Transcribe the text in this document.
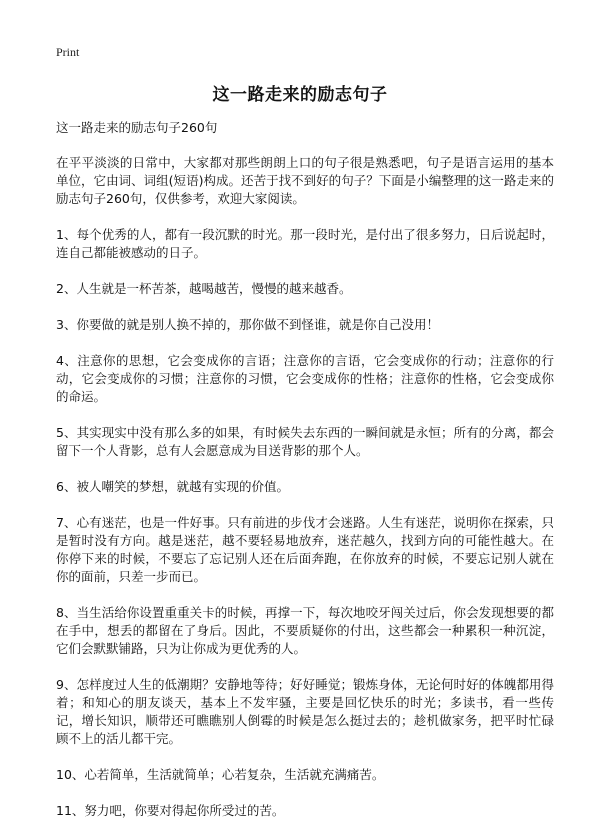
Print
这一路走来的励志句子

这一路走来的励志句子260句

在平平淡淡的日常中，大家都对那些朗朗上口的句子很是熟悉吧，句子是语言运用的基本单位，它由词、词组(短语)构成。还苦于找不到好的句子？下面是小编整理的这一路走来的励志句子260句，仅供参考，欢迎大家阅读。

1、每个优秀的人，都有一段沉默的时光。那一段时光，是付出了很多努力，日后说起时，连自己都能被感动的日子。

2、人生就是一杯苦茶，越喝越苦，慢慢的越来越香。

3、你要做的就是别人换不掉的，那你做不到怪谁，就是你自己没用！

4、注意你的思想，它会变成你的言语；注意你的言语，它会变成你的行动；注意你的行动，它会变成你的习惯；注意你的习惯，它会变成你的性格；注意你的性格，它会变成你的命运。

5、其实现实中没有那么多的如果，有时候失去东西的一瞬间就是永恒；所有的分离，都会留下一个人背影，总有人会愿意成为目送背影的那个人。

6、被人嘲笑的梦想，就越有实现的价值。

7、心有迷茫，也是一件好事。只有前进的步伐才会迷路。人生有迷茫，说明你在探索，只是暂时没有方向。越是迷茫，越不要轻易地放弃，迷茫越久，找到方向的可能性越大。在你停下来的时候，不要忘了忘记别人还在后面奔跑，在你放弃的时候，不要忘记别人就在你的面前，只差一步而已。

8、当生活给你设置重重关卡的时候，再撑一下，每次地咬牙闯关过后，你会发现想要的都在手中，想丢的都留在了身后。因此，不要质疑你的付出，这些都会一种累积一种沉淀，它们会默默铺路，只为让你成为更优秀的人。

9、怎样度过人生的低潮期？安静地等待；好好睡觉；锻炼身体，无论何时好的体魄都用得着；和知心的朋友谈天，基本上不发牢骚，主要是回忆快乐的时光；多读书，看一些传记，增长知识，顺带还可瞧瞧别人倒霉的时候是怎么挺过去的；趁机做家务，把平时忙碌顾不上的活儿都干完。

10、心若简单，生活就简单；心若复杂，生活就充满痛苦。

11、努力吧，你要对得起你所受过的苦。
